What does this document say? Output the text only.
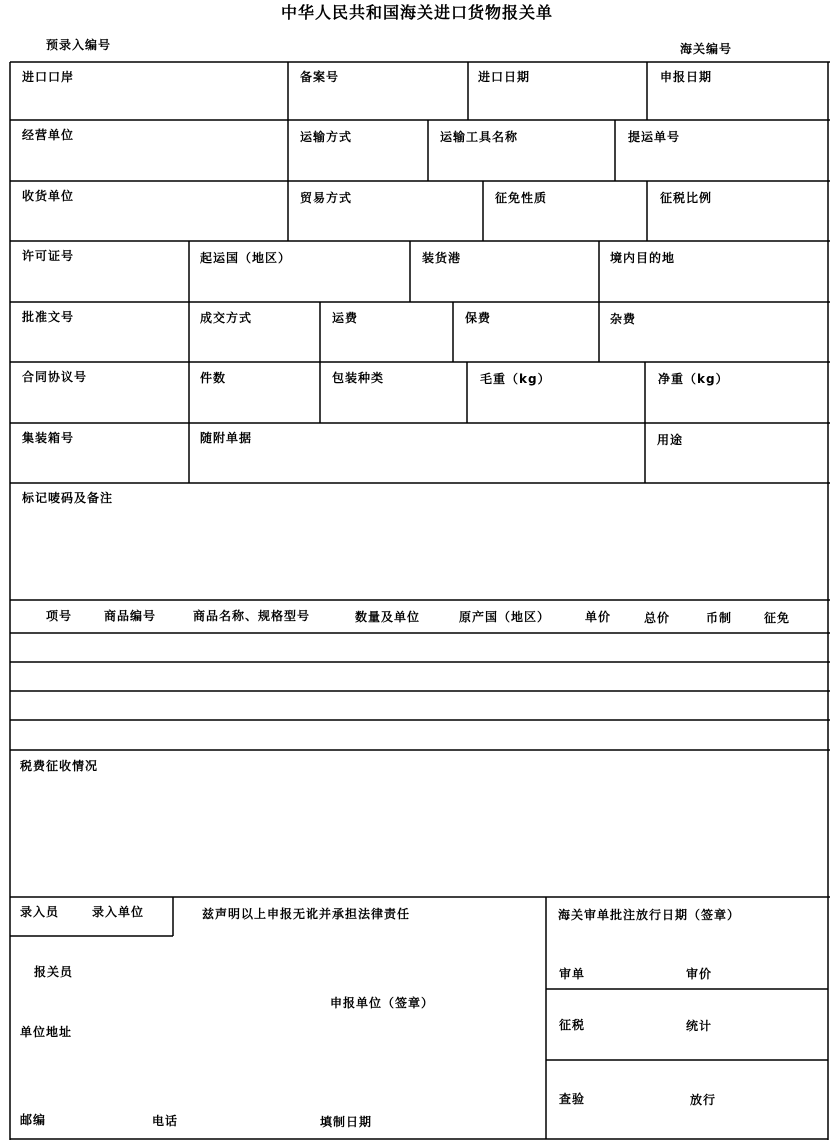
中华人民共和国海关进口货物报关单
预录入编号	海关编号
进口口岸	备案号	进口日期	申报日期
经营单位	运输方式	运输工具名称	提运单号
收货单位	贸易方式	征免性质	征税比例
许可证号	起运国（地区）	装货港	境内目的地
批准文号	成交方式	运费	保费	杂费
合同协议号	件数	包装种类	毛重（kg）	净重（kg）
集装箱号	随附单据	用途
标记唛码及备注
项号	商品编号	商品名称、规格型号	数量及单位	原产国（地区）	单价	总价	币制	征免
税费征收情况
录入员	录入单位	兹声明以上申报无讹并承担法律责任
报关员
申报单位（签章）
单位地址
邮编	电话	填制日期
海关审单批注放行日期（签章）
审单	审价
征税	统计
查验	放行
